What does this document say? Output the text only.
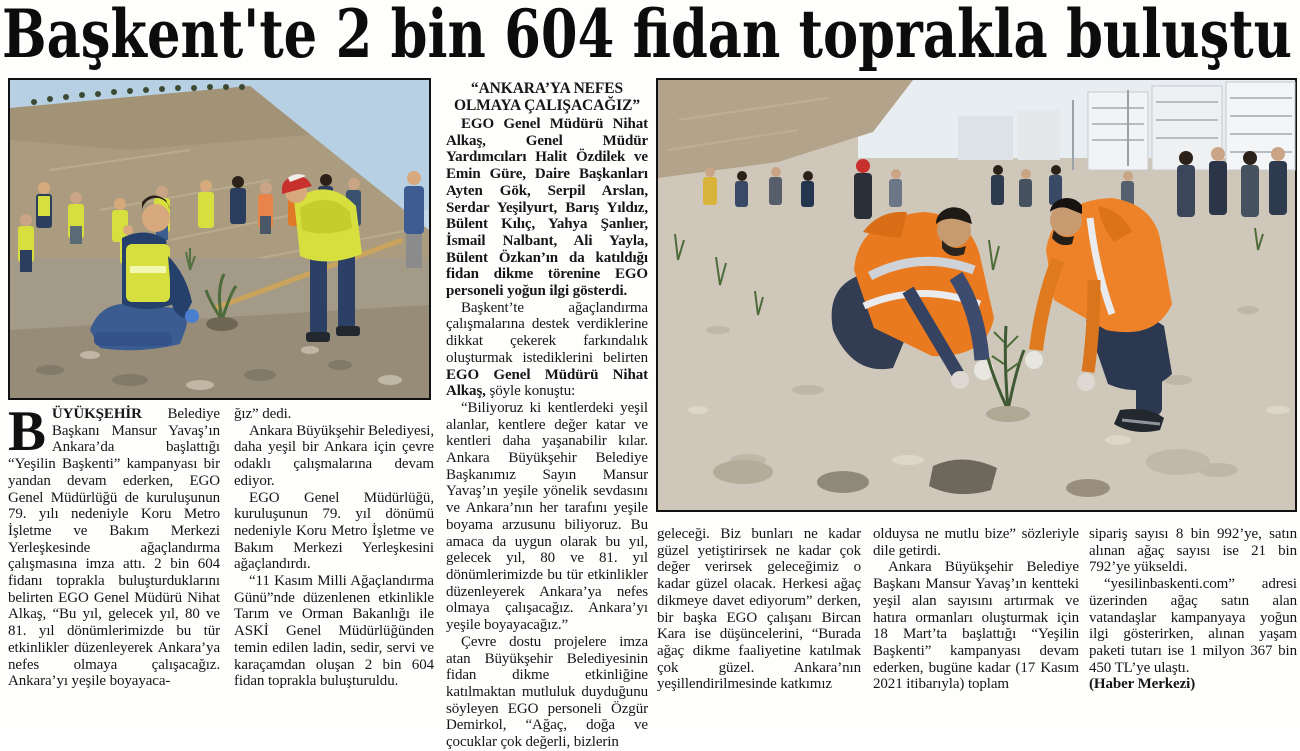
Başkent'te 2 bin 604 fidan toprakla buluştu

BÜYÜKŞEHİR Belediye Başkanı Mansur Yavaş’ın Ankara’da başlattığı “Yeşilin Başkenti” kampanyası bir yandan devam ederken, EGO Genel Müdürlüğü de kuruluşunun 79. yılı nedeniyle Koru Metro İşletme ve Bakım Merkezi Yerleşkesinde ağaçlandırma çalışmasına imza attı. 2 bin 604 fidanı toprakla buluşturduklarını belirten EGO Genel Müdürü Nihat Alkaş, “Bu yıl, gelecek yıl, 80 ve 81. yıl dönümlerimizde bu tür etkinlikler düzenleyerek Ankara’ya nefes olmaya çalışacağız. Ankara’yı yeşile boyayaca-

ğız” dedi.

Ankara Büyükşehir Belediyesi, daha yeşil bir Ankara için çevre odaklı çalışmalarına devam ediyor.

EGO Genel Müdürlüğü, kuruluşunun 79. yıl dönümü nedeniyle Koru Metro İşletme ve Bakım Merkezi Yerleşkesini ağaçlandırdı.

“11 Kasım Milli Ağaçlandırma Günü”nde düzenlenen etkinlikle Tarım ve Orman Bakanlığı ile ASKİ Genel Müdürlüğünden temin edilen ladin, sedir, servi ve karaçamdan oluşan 2 bin 604 fidan toprakla buluşturuldu.

“ANKARA’YA NEFES OLMAYA ÇALIŞACAĞIZ”

EGO Genel Müdürü Nihat Alkaş, Genel Müdür Yardımcıları Halit Özdilek ve Emin Güre, Daire Başkanları Ayten Gök, Serpil Arslan, Serdar Yeşilyurt, Barış Yıldız, Bülent Kılıç, Yahya Şanlıer, İsmail Nalbant, Ali Yayla, Bülent Özkan’ın da katıldığı fidan dikme törenine EGO personeli yoğun ilgi gösterdi.

Başkent’te ağaçlandırma çalışmalarına destek verdiklerine dikkat çekerek farkındalık oluşturmak istediklerini belirten EGO Genel Müdürü Nihat Alkaş, şöyle konuştu:

“Biliyoruz ki kentlerdeki yeşil alanlar, kentlere değer katar ve kentleri daha yaşanabilir kılar. Ankara Büyükşehir Belediye Başkanımız Sayın Mansur Yavaş’ın yeşile yönelik sevdasını ve Ankara’nın her tarafını yeşile boyama arzusunu biliyoruz. Bu amaca da uygun olarak bu yıl, gelecek yıl, 80 ve 81. yıl dönümlerimizde bu tür etkinlikler düzenleyerek Ankara’ya nefes olmaya çalışacağız. Ankara’yı yeşile boyayacağız.”

Çevre dostu projelere imza atan Büyükşehir Belediyesinin fidan dikme etkinliğine katılmaktan mutluluk duyduğunu söyleyen EGO personeli Özgür Demirkol, “Ağaç, doğa ve çocuklar çok değerli, bizlerin

geleceği. Biz bunları ne kadar güzel yetiştirirsek ne kadar çok değer verirsek geleceğimiz o kadar güzel olacak. Herkesi ağaç dikmeye davet ediyorum” derken, bir başka EGO çalışanı Bircan Kara ise düşüncelerini, “Burada ağaç dikme faaliyetine katılmak çok güzel. Ankara’nın yeşillendirilmesinde katkımız

olduysa ne mutlu bize” sözleriyle dile getirdi.

Ankara Büyükşehir Belediye Başkanı Mansur Yavaş’ın kentteki yeşil alan sayısını artırmak ve hatıra ormanları oluşturmak için 18 Mart’ta başlattığı “Yeşilin Başkenti” kampanyası devam ederken, bugüne kadar (17 Kasım 2021 itibarıyla) toplam

sipariş sayısı 8 bin 992’ye, satın alınan ağaç sayısı ise 21 bin 792’ye yükseldi.

“yesilinbaskenti.com” adresi üzerinden ağaç satın alan vatandaşlar kampanyaya yoğun ilgi gösterirken, alınan yaşam paketi tutarı ise 1 milyon 367 bin 450 TL’ye ulaştı.

(Haber Merkezi)
